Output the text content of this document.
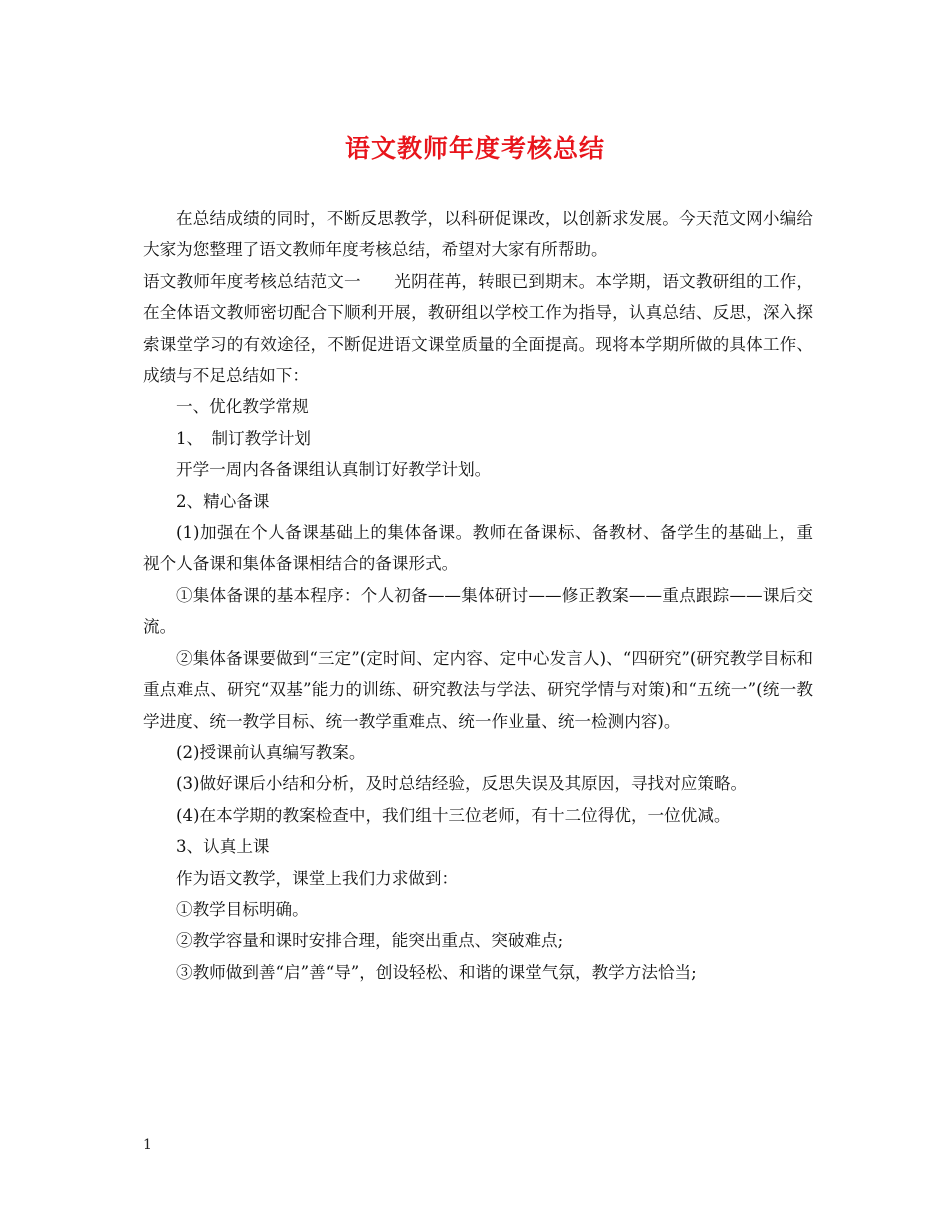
语文教师年度考核总结

在总结成绩的同时，不断反思教学，以科研促课改，以创新求发展。今天范文网小编给大家为您整理了语文教师年度考核总结，希望对大家有所帮助。

语文教师年度考核总结范文一　　光阴荏苒，转眼已到期末。本学期，语文教研组的工作，在全体语文教师密切配合下顺利开展，教研组以学校工作为指导，认真总结、反思，深入探索课堂学习的有效途径，不断促进语文课堂质量的全面提高。现将本学期所做的具体工作、成绩与不足总结如下：

一、优化教学常规

1、　制订教学计划

开学一周内各备课组认真制订好教学计划。

2、精心备课

(1)加强在个人备课基础上的集体备课。教师在备课标、备教材、备学生的基础上，重视个人备课和集体备课相结合的备课形式。

①集体备课的基本程序：个人初备——集体研讨——修正教案——重点跟踪——课后交流。

②集体备课要做到“三定”(定时间、定内容、定中心发言人)、“四研究”(研究教学目标和重点难点、研究“双基”能力的训练、研究教法与学法、研究学情与对策)和“五统一”(统一教学进度、统一教学目标、统一教学重难点、统一作业量、统一检测内容)。

(2)授课前认真编写教案。

(3)做好课后小结和分析，及时总结经验，反思失误及其原因，寻找对应策略。

(4)在本学期的教案检查中，我们组十三位老师，有十二位得优，一位优减。

3、认真上课

作为语文教学，课堂上我们力求做到：

①教学目标明确。

②教学容量和课时安排合理，能突出重点、突破难点;

③教师做到善“启”善“导”，创设轻松、和谐的课堂气氛，教学方法恰当;

1
